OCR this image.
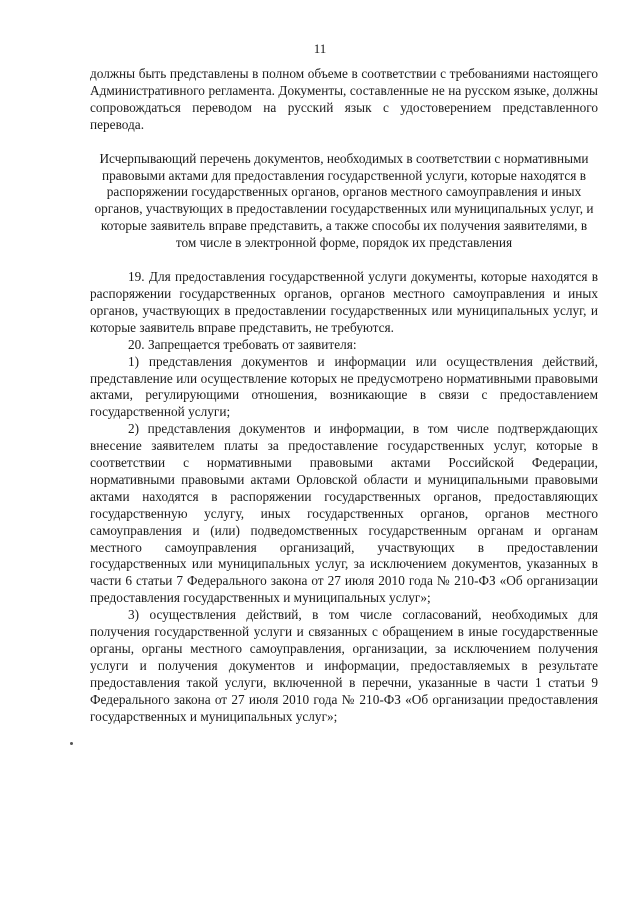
11

должны быть представлены в полном объеме в соответствии с требованиями настоящего Административного регламента. Документы, составленные не на русском языке, должны сопровождаться переводом на русский язык с удостоверением представленного перевода.

Исчерпывающий перечень документов, необходимых в соответствии с нормативными правовыми актами для предоставления государственной услуги, которые находятся в распоряжении государственных органов, органов местного самоуправления и иных органов, участвующих в предоставлении государственных или муниципальных услуг, и которые заявитель вправе представить, а также способы их получения заявителями, в том числе в электронной форме, порядок их представления

19. Для предоставления государственной услуги документы, которые находятся в распоряжении государственных органов, органов местного самоуправления и иных органов, участвующих в предоставлении государственных или муниципальных услуг, и которые заявитель вправе представить, не требуются.

20. Запрещается требовать от заявителя:

1) представления документов и информации или осуществления действий, представление или осуществление которых не предусмотрено нормативными правовыми актами, регулирующими отношения, возникающие в связи с предоставлением государственной услуги;

2) представления документов и информации, в том числе подтверждающих внесение заявителем платы за предоставление государственных услуг, которые в соответствии с нормативными правовыми актами Российской Федерации, нормативными правовыми актами Орловской области и муниципальными правовыми актами находятся в распоряжении государственных органов, предоставляющих государственную услугу, иных государственных органов, органов местного самоуправления и (или) подведомственных государственным органам и органам местного самоуправления организаций, участвующих в предоставлении государственных или муниципальных услуг, за исключением документов, указанных в части 6 статьи 7 Федерального закона от 27 июля 2010 года № 210-ФЗ «Об организации предоставления государственных и муниципальных услуг»;

3) осуществления действий, в том числе согласований, необходимых для получения государственной услуги и связанных с обращением в иные государственные органы, органы местного самоуправления, организации, за исключением получения услуги и получения документов и информации, предоставляемых в результате предоставления такой услуги, включенной в перечни, указанные в части 1 статьи 9 Федерального закона от 27 июля 2010 года № 210-ФЗ «Об организации предоставления государственных и муниципальных услуг»;
